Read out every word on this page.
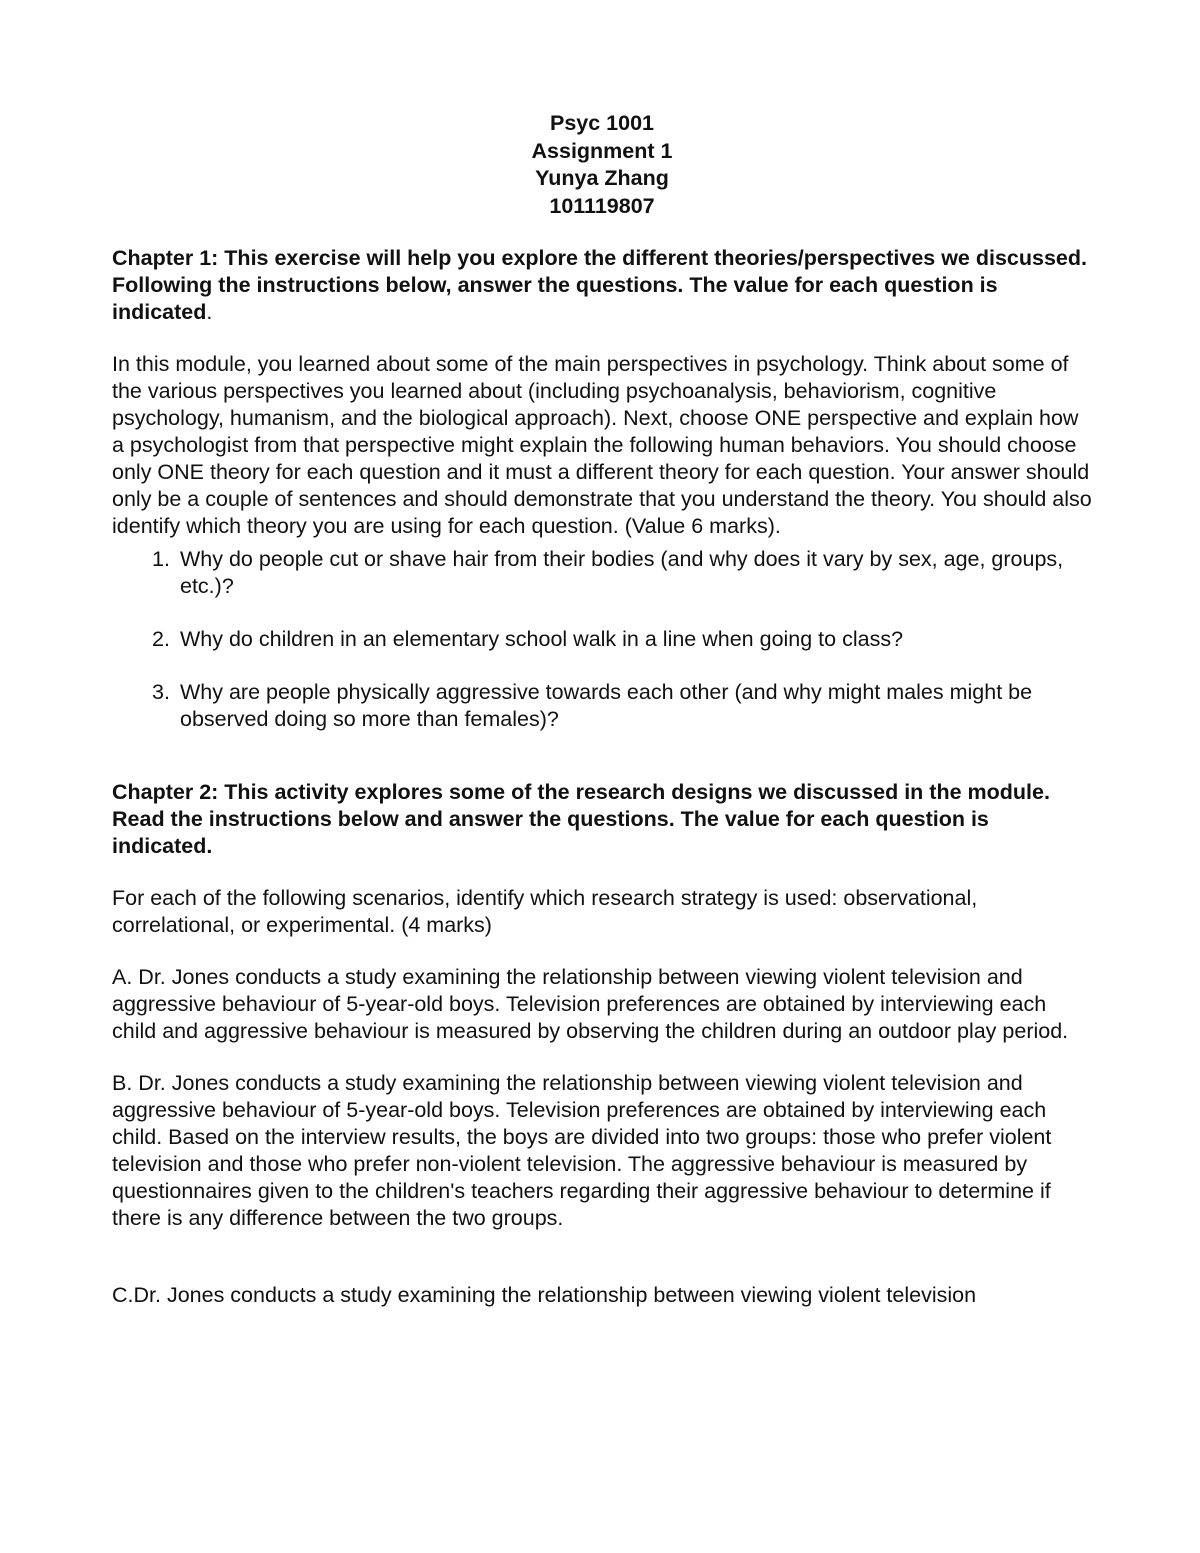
Psyc 1001
Assignment 1
Yunya Zhang
101119807
Chapter 1: This exercise will help you explore the different theories/perspectives we discussed. Following the instructions below, answer the questions. The value for each question is indicated.

In this module, you learned about some of the main perspectives in psychology. Think about some of the various perspectives you learned about (including psychoanalysis, behaviorism, cognitive psychology, humanism, and the biological approach). Next, choose ONE perspective and explain how a psychologist from that perspective might explain the following human behaviors. You should choose only ONE theory for each question and it must a different theory for each question. Your answer should only be a couple of sentences and should demonstrate that you understand the theory. You should also identify which theory you are using for each question. (Value 6 marks).

1. Why do people cut or shave hair from their bodies (and why does it vary by sex, age, groups, etc.)?
2. Why do children in an elementary school walk in a line when going to class?
3. Why are people physically aggressive towards each other (and why might males might be observed doing so more than females)?
Chapter 2: This activity explores some of the research designs we discussed in the module. Read the instructions below and answer the questions. The value for each question is indicated.

For each of the following scenarios, identify which research strategy is used: observational, correlational, or experimental. (4 marks)

A. Dr. Jones conducts a study examining the relationship between viewing violent television and aggressive behaviour of 5-year-old boys. Television preferences are obtained by interviewing each child and aggressive behaviour is measured by observing the children during an outdoor play period.

B. Dr. Jones conducts a study examining the relationship between viewing violent television and aggressive behaviour of 5-year-old boys. Television preferences are obtained by interviewing each child. Based on the interview results, the boys are divided into two groups: those who prefer violent television and those who prefer non-violent television. The aggressive behaviour is measured by questionnaires given to the children's teachers regarding their aggressive behaviour to determine if there is any difference between the two groups.

C.Dr. Jones conducts a study examining the relationship between viewing violent television
